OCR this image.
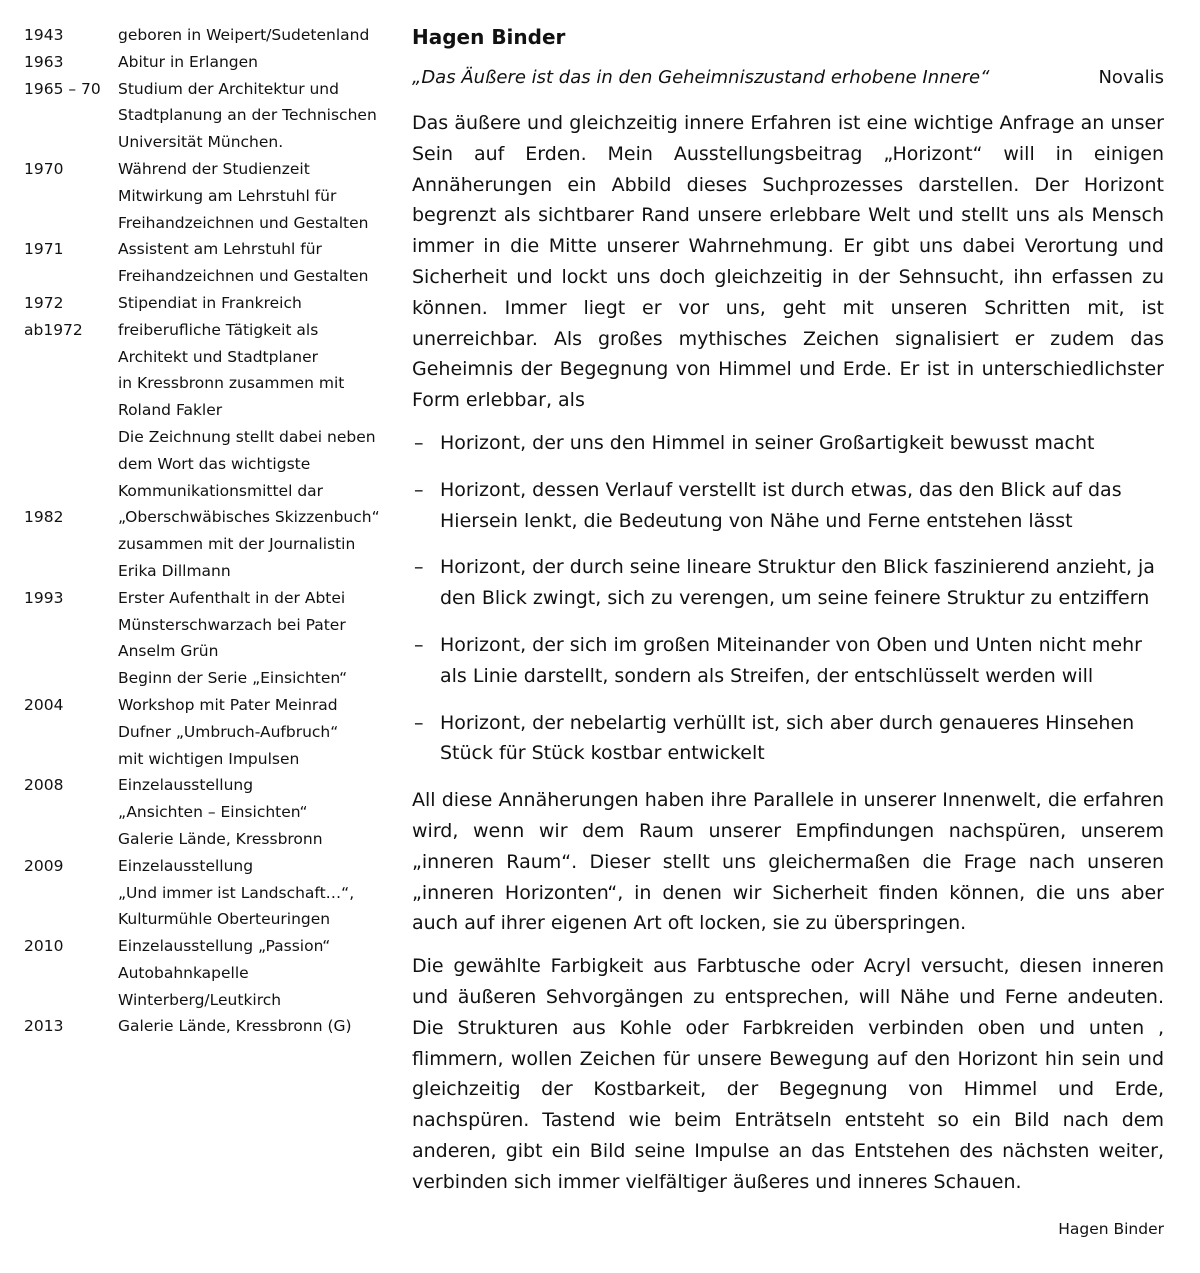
1943	geboren in Weipert/Sudetenland
1963	Abitur in Erlangen
1965 – 70	Studium der Architektur und
Stadtplanung an der Technischen
Universität München.
1970	Während der Studienzeit
Mitwirkung am Lehrstuhl für
Freihandzeichnen und Gestalten
1971	Assistent am Lehrstuhl für
Freihandzeichnen und Gestalten
1972	Stipendiat in Frankreich
ab1972	freiberufliche Tätigkeit als
Architekt und Stadtplaner
in Kressbronn zusammen mit
Roland Fakler
Die Zeichnung stellt dabei neben
dem Wort das wichtigste
Kommunikationsmittel dar
1982	„Oberschwäbisches Skizzenbuch“
zusammen mit der Journalistin
Erika Dillmann
1993	Erster Aufenthalt in der Abtei
Münsterschwarzach bei Pater
Anselm Grün
Beginn der Serie „Einsichten“
2004	Workshop mit Pater Meinrad
Dufner „Umbruch-Aufbruch“
mit wichtigen Impulsen
2008	Einzelausstellung
„Ansichten – Einsichten“
Galerie Lände, Kressbronn
2009	Einzelausstellung
„Und immer ist Landschaft…“,
Kulturmühle Oberteuringen
2010	Einzelausstellung „Passion“
Autobahnkapelle
Winterberg/Leutkirch
2013	Galerie Lände, Kressbronn (G)
Hagen Binder
„Das Äußere ist das in den Geheimniszustand erhobene Innere“	Novalis

Das äußere und gleichzeitig innere Erfahren ist eine wichtige Anfrage an unser Sein auf Erden. Mein Ausstellungsbeitrag „Horizont“ will in einigen Annäherungen ein Abbild dieses Suchprozesses darstellen. Der Horizont begrenzt als sichtbarer Rand unsere erlebbare Welt und stellt uns als Mensch immer in die Mitte unserer Wahrnehmung. Er gibt uns dabei Verortung und Sicherheit und lockt uns doch gleichzeitig in der Sehnsucht, ihn erfassen zu können. Immer liegt er vor uns, geht mit unseren Schritten mit, ist unerreichbar. Als großes mythisches Zeichen signalisiert er zudem das Geheimnis der Begegnung von Himmel und Erde. Er ist in unterschiedlichster Form erlebbar, als

– Horizont, der uns den Himmel in seiner Großartigkeit bewusst macht
– Horizont, dessen Verlauf verstellt ist durch etwas, das den Blick auf das Hiersein lenkt, die Bedeutung von Nähe und Ferne entstehen lässt
– Horizont, der durch seine lineare Struktur den Blick faszinierend anzieht, ja den Blick zwingt, sich zu verengen, um seine feinere Struktur zu entziffern
– Horizont, der sich im großen Miteinander von Oben und Unten nicht mehr als Linie darstellt, sondern als Streifen, der entschlüsselt werden will
– Horizont, der nebelartig verhüllt ist, sich aber durch genaueres Hinsehen Stück für Stück kostbar entwickelt

All diese Annäherungen haben ihre Parallele in unserer Innenwelt, die erfahren wird, wenn wir dem Raum unserer Empfindungen nachspüren, unserem „inneren Raum“. Dieser stellt uns gleichermaßen die Frage nach unseren „inneren Horizonten“, in denen wir Sicherheit finden können, die uns aber auch auf ihrer eigenen Art oft locken, sie zu überspringen.

Die gewählte Farbigkeit aus Farbtusche oder Acryl versucht, diesen inneren und äußeren Sehvorgängen zu entsprechen, will Nähe und Ferne andeuten. Die Strukturen aus Kohle oder Farbkreiden verbinden oben und unten , flimmern, wollen Zeichen für unsere Bewegung auf den Horizont hin sein und gleichzeitig der Kostbarkeit, der Begegnung von Himmel und Erde, nachspüren. Tastend wie beim Enträtseln entsteht so ein Bild nach dem anderen, gibt ein Bild seine Impulse an das Entstehen des nächsten weiter, verbinden sich immer vielfältiger äußeres und inneres Schauen.

Hagen Binder
